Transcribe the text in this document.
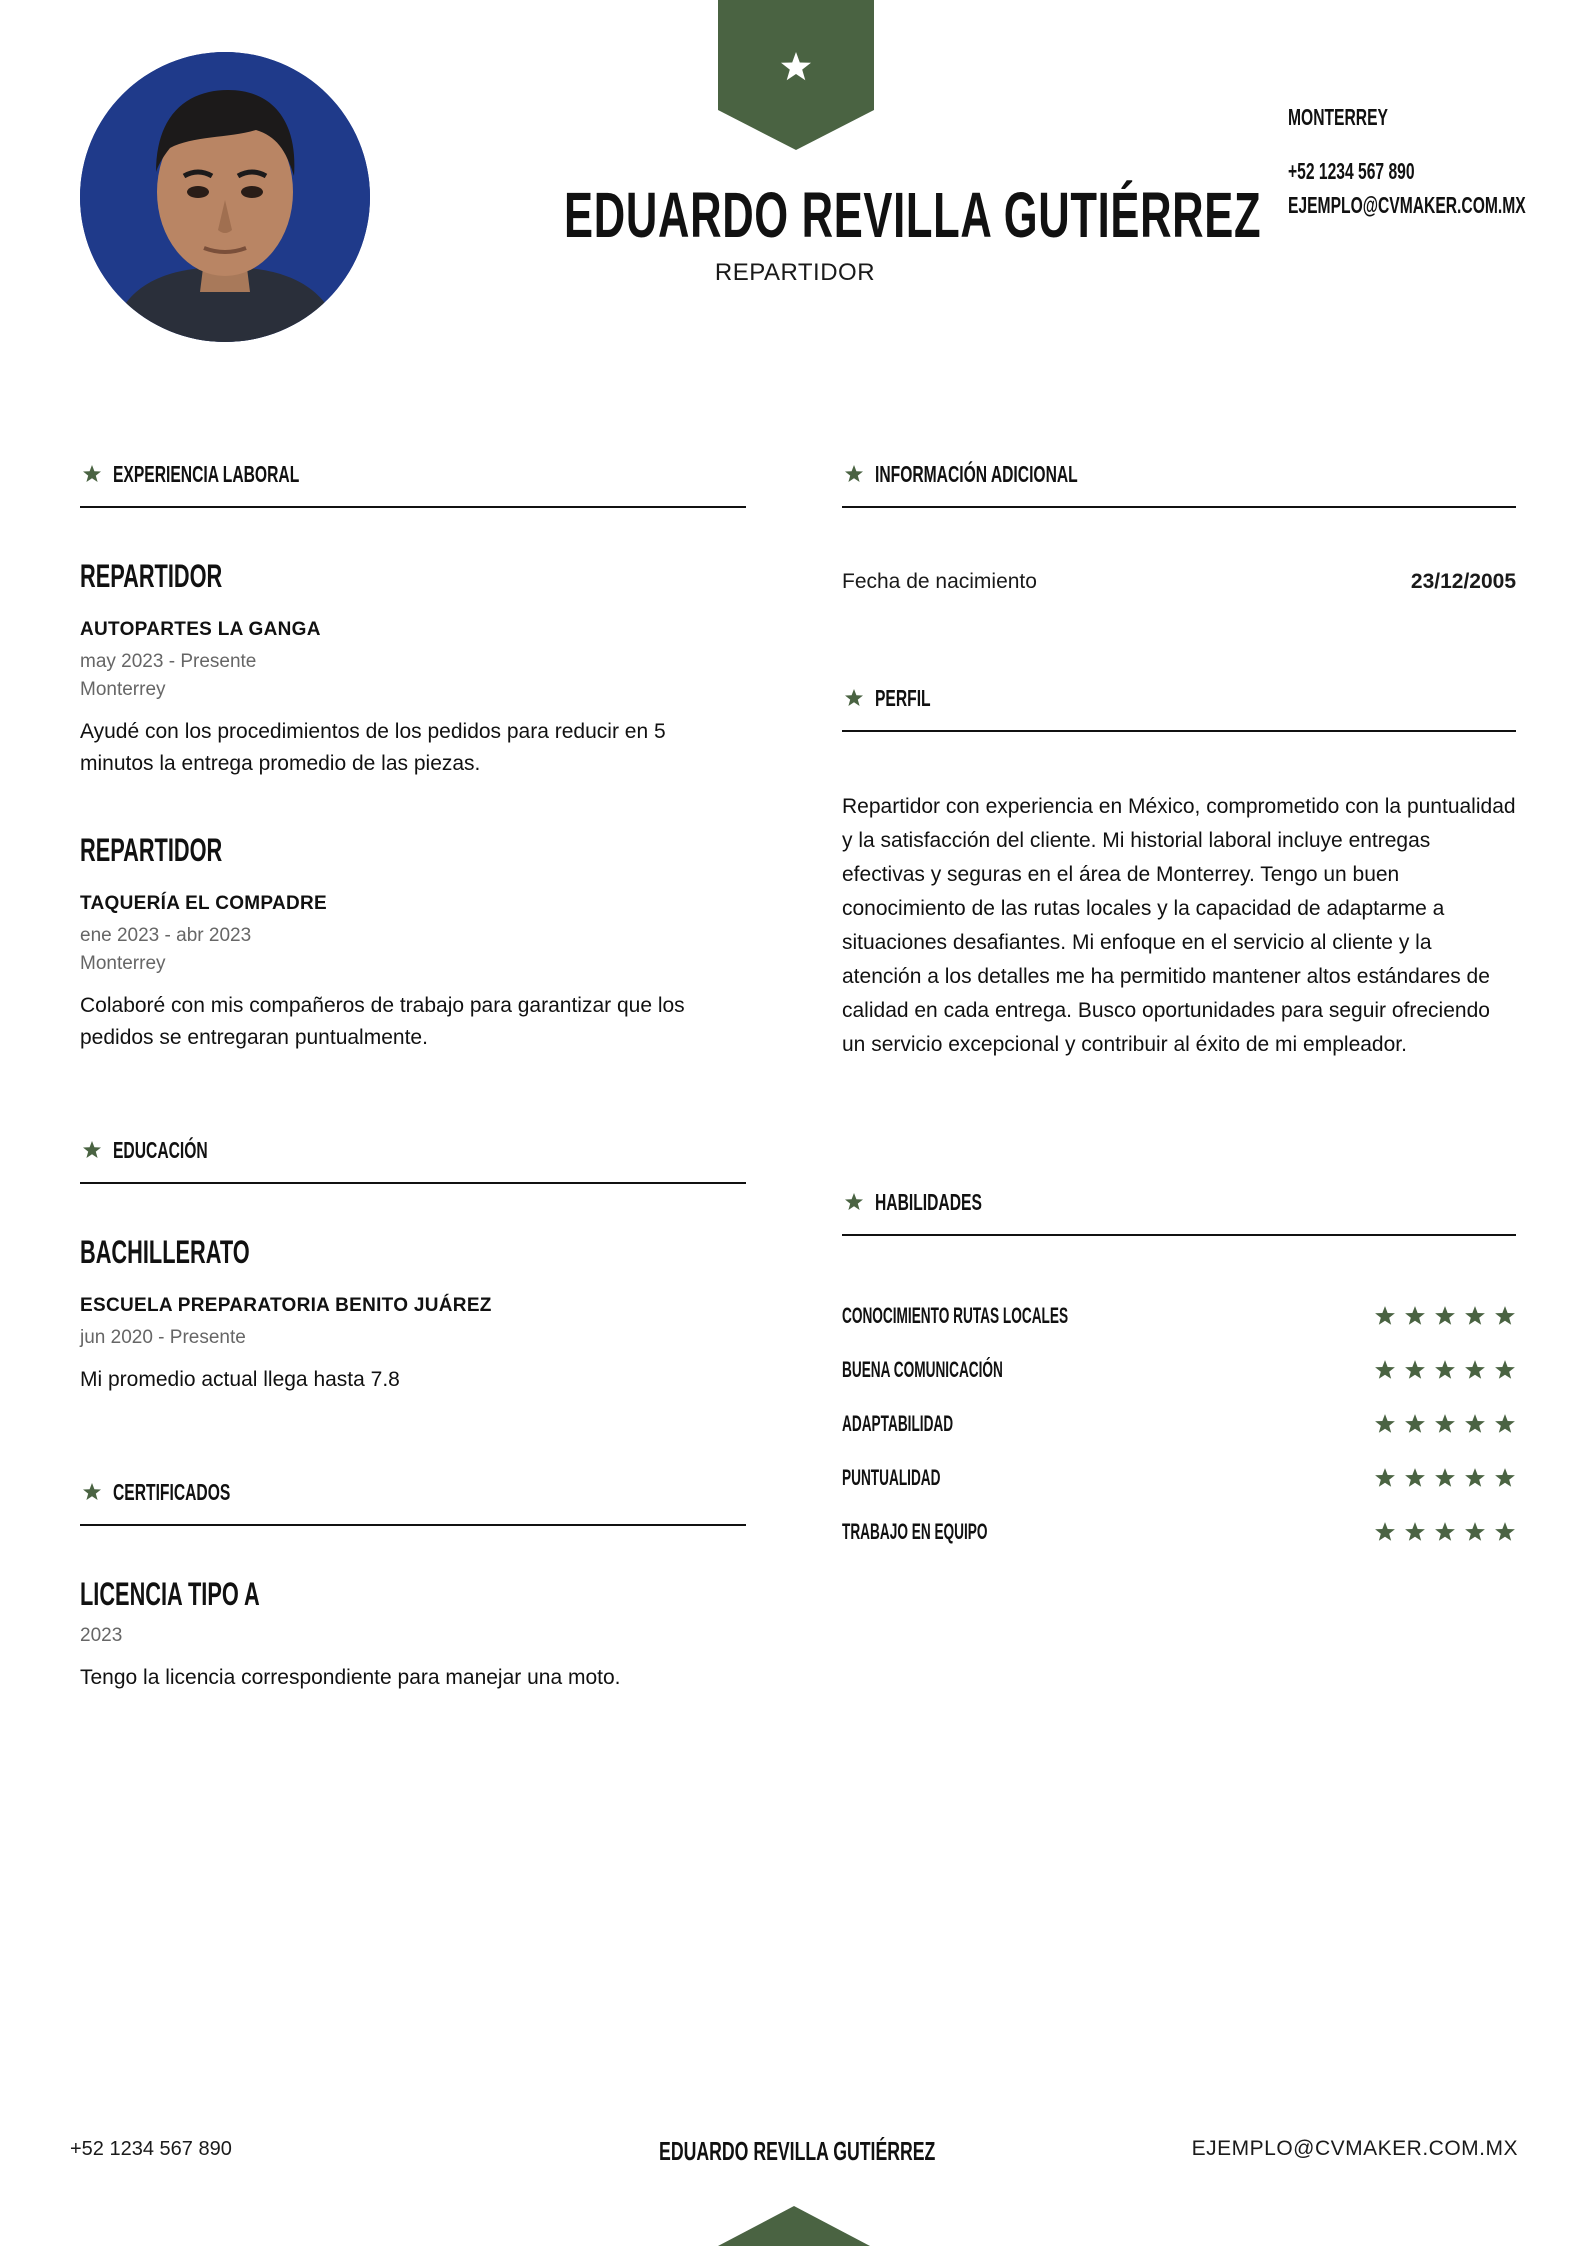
EDUARDO REVILLA GUTIÉRREZ
REPARTIDOR
MONTERREY
+52 1234 567 890
EJEMPLO@CVMAKER.COM.MX
EXPERIENCIA LABORAL
REPARTIDOR
AUTOPARTES LA GANGA
may 2023 - Presente
Monterrey
Ayudé con los procedimientos de los pedidos para reducir en 5 minutos la entrega promedio de las piezas.
REPARTIDOR
TAQUERÍA EL COMPADRE
ene 2023 - abr 2023
Monterrey
Colaboré con mis compañeros de trabajo para garantizar que los pedidos se entregaran puntualmente.
EDUCACIÓN
BACHILLERATO
ESCUELA PREPARATORIA BENITO JUÁREZ
jun 2020 - Presente
Mi promedio actual llega hasta 7.8
CERTIFICADOS
LICENCIA TIPO A
2023
Tengo la licencia correspondiente para manejar una moto.
INFORMACIÓN ADICIONAL
Fecha de nacimiento	23/12/2005
PERFIL
Repartidor con experiencia en México, comprometido con la puntualidad y la satisfacción del cliente. Mi historial laboral incluye entregas efectivas y seguras en el área de Monterrey. Tengo un buen conocimiento de las rutas locales y la capacidad de adaptarme a situaciones desafiantes. Mi enfoque en el servicio al cliente y la atención a los detalles me ha permitido mantener altos estándares de calidad en cada entrega. Busco oportunidades para seguir ofreciendo un servicio excepcional y contribuir al éxito de mi empleador.
HABILIDADES
CONOCIMIENTO RUTAS LOCALES
BUENA COMUNICACIÓN
ADAPTABILIDAD
PUNTUALIDAD
TRABAJO EN EQUIPO
+52 1234 567 890	EDUARDO REVILLA GUTIÉRREZ	EJEMPLO@CVMAKER.COM.MX
